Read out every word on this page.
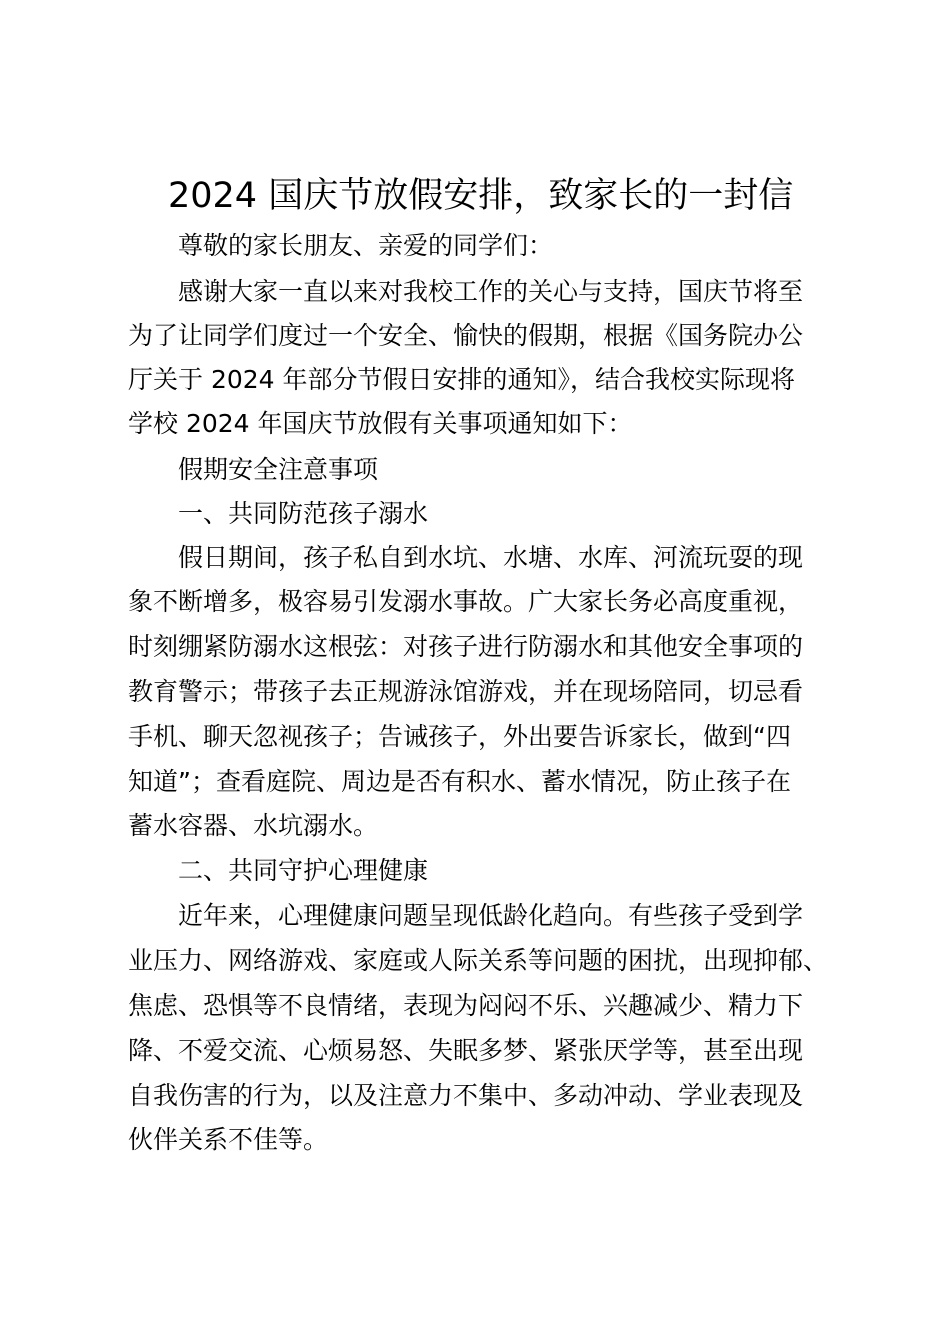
2024 国庆节放假安排，致家长的一封信
尊敬的家长朋友、亲爱的同学们：
感谢大家一直以来对我校工作的关心与支持，国庆节将至
为了让同学们度过一个安全、愉快的假期，根据《国务院办公
厅关于 2024 年部分节假日安排的通知》，结合我校实际现将
学校 2024 年国庆节放假有关事项通知如下：
假期安全注意事项
一、共同防范孩子溺水
假日期间，孩子私自到水坑、水塘、水库、河流玩耍的现
象不断增多，极容易引发溺水事故。广大家长务必高度重视，
时刻绷紧防溺水这根弦：对孩子进行防溺水和其他安全事项的
教育警示；带孩子去正规游泳馆游戏，并在现场陪同，切忌看
手机、聊天忽视孩子；告诫孩子，外出要告诉家长，做到“四
知道”；查看庭院、周边是否有积水、蓄水情况，防止孩子在
蓄水容器、水坑溺水。
二、共同守护心理健康
近年来，心理健康问题呈现低龄化趋向。有些孩子受到学
业压力、网络游戏、家庭或人际关系等问题的困扰，出现抑郁、
焦虑、恐惧等不良情绪，表现为闷闷不乐、兴趣减少、精力下
降、不爱交流、心烦易怒、失眠多梦、紧张厌学等，甚至出现
自我伤害的行为，以及注意力不集中、多动冲动、学业表现及
伙伴关系不佳等。
